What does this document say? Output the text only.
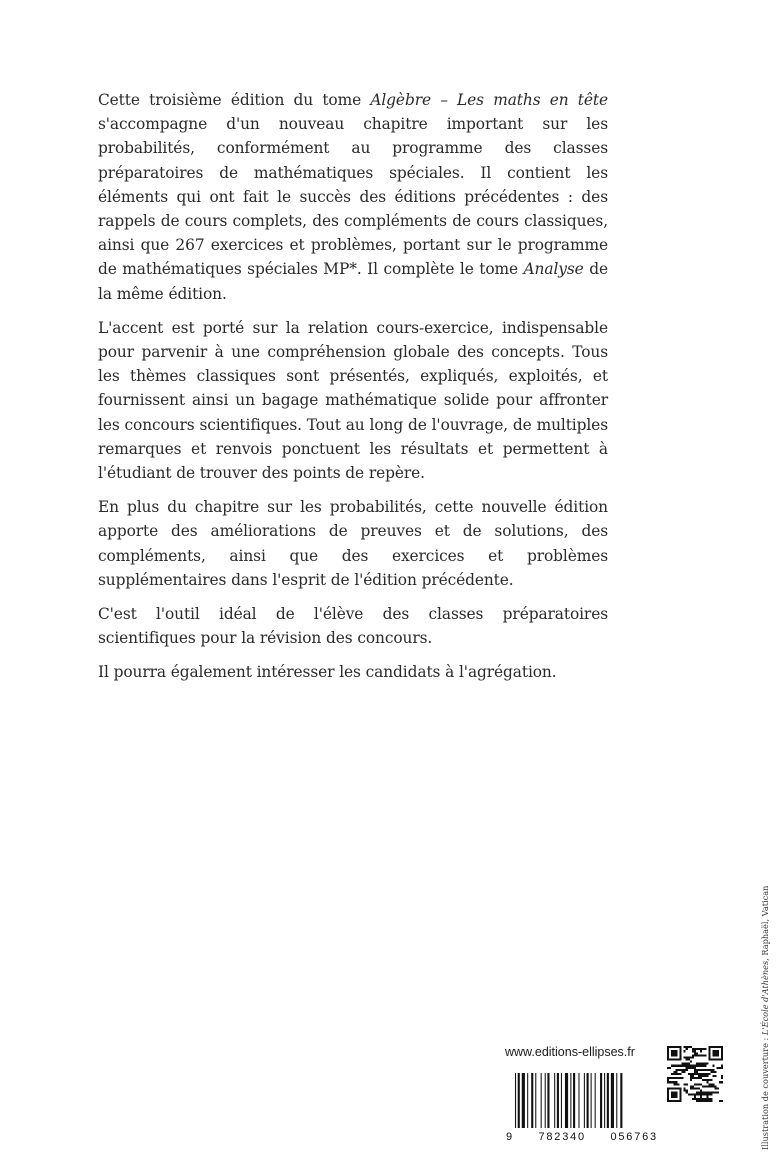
Cette troisième édition du tome Algèbre – Les maths en tête s'accompagne d'un nouveau chapitre important sur les probabilités, conformément au programme des classes préparatoires de mathématiques spéciales. Il contient les éléments qui ont fait le succès des éditions précédentes : des rappels de cours complets, des compléments de cours classiques, ainsi que 267 exercices et problèmes, portant sur le programme de mathématiques spéciales MP*. Il complète le tome Analyse de la même édition.

L'accent est porté sur la relation cours-exercice, indispensable pour parvenir à une compréhension globale des concepts. Tous les thèmes classiques sont présentés, expliqués, exploités, et fournissent ainsi un bagage mathématique solide pour affronter les concours scientifiques. Tout au long de l'ouvrage, de multiples remarques et renvois ponctuent les résultats et permettent à l'étudiant de trouver des points de repère.

En plus du chapitre sur les probabilités, cette nouvelle édition apporte des améliorations de preuves et de solutions, des compléments, ainsi que des exercices et problèmes supplémentaires dans l'esprit de l'édition précédente.

C'est l'outil idéal de l'élève des classes préparatoires scientifiques pour la révision des concours.

Il pourra également intéresser les candidats à l'agrégation.

Illustration de couverture : L'École d'Athènes, Raphaël, Vatican
www.editions-ellipses.fr
9 782340 056763
